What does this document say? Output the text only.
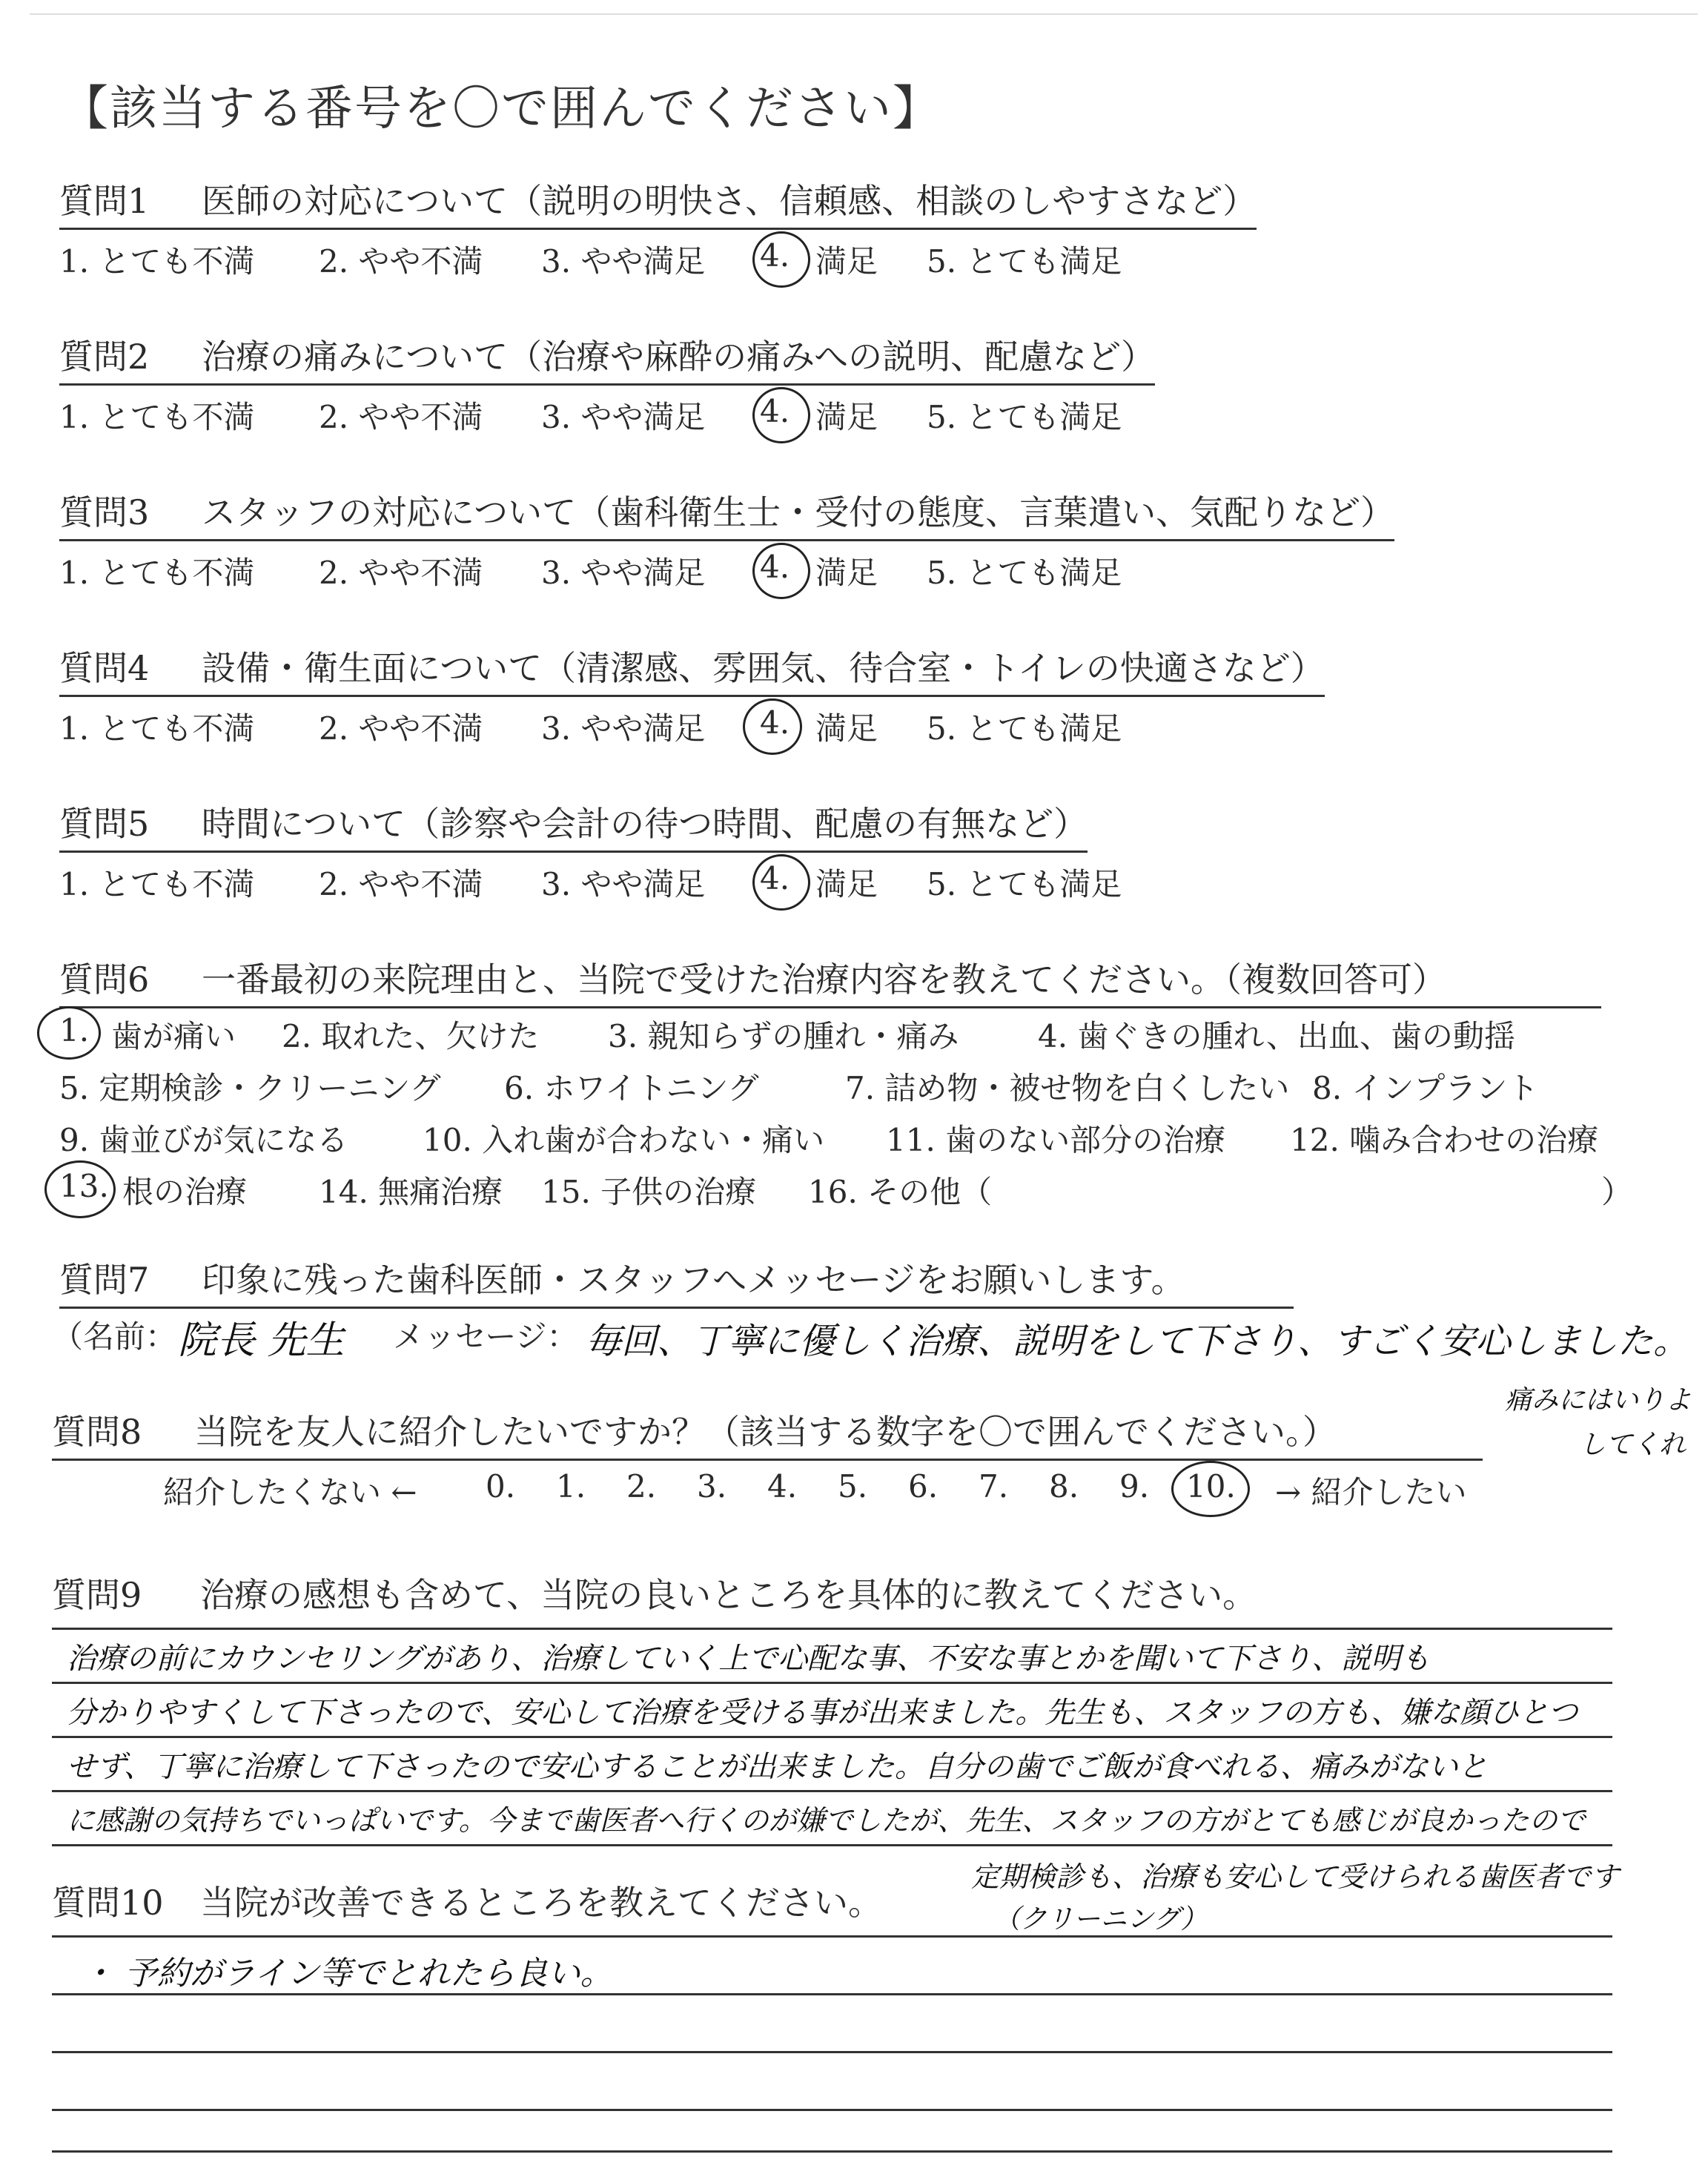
【該当する番号を〇で囲んでください】
質問1 医師の対応について（説明の明快さ、信頼感、相談のしやすさなど）
1. とても不満 2. やや不満 3. やや満足 4. 満足 5. とても満足
質問2 治療の痛みについて（治療や麻酔の痛みへの説明、配慮など）
1. とても不満 2. やや不満 3. やや満足 4. 満足 5. とても満足
質問3 スタッフの対応について（歯科衛生士・受付の態度、言葉遣い、気配りなど）
1. とても不満 2. やや不満 3. やや満足 4. 満足 5. とても満足
質問4 設備・衛生面について（清潔感、雰囲気、待合室・トイレの快適さなど）
1. とても不満 2. やや不満 3. やや満足 4. 満足 5. とても満足
質問5 時間について（診察や会計の待つ時間、配慮の有無など）
1. とても不満 2. やや不満 3. やや満足 4. 満足 5. とても満足
質問6 一番最初の来院理由と、当院で受けた治療内容を教えてください。（複数回答可）
1. 歯が痛い 2. 取れた、欠けた 3. 親知らずの腫れ・痛み	4. 歯ぐきの腫れ、出血、歯の動揺
5. 定期検診・クリーニング 6. ホワイトニング	7. 詰め物・被せ物を白くしたい 8. インプラント
9. 歯並びが気になる 10. 入れ歯が合わない・痛い 11. 歯のない部分の治療 12. 噛み合わせの治療
13. 根の治療 14. 無痛治療 15. 子供の治療 16. その他（	）
質問7 印象に残った歯科医師・スタッフへメッセージをお願いします。
（名前： 院長 先生 メッセージ： 毎回、丁寧に優しく治療、説明をして下さり、すごく安心しました。
痛みにはいりよ
してくれ
質問8 当院を友人に紹介したいですか？（該当する数字を〇で囲んでください。）
紹介したくない ← 0. 1. 2. 3. 4. 5. 6. 7. 8. 9. 10. → 紹介したい
質問9 治療の感想も含めて、当院の良いところを具体的に教えてください。
治療の前にカウンセリングがあり、治療していく上で心配な事、不安な事とかを聞いて下さり、説明も
分かりやすくして下さったので、安心して治療を受ける事が出来ました。先生も、スタッフの方も、嫌な顔ひとつ
せず、丁寧に治療して下さったので安心することが出来ました。自分の歯でご飯が食べれる、痛みがないと
に感謝の気持ちでいっぱいです。今まで歯医者へ行くのが嫌でしたが、先生、スタッフの方がとても感じが良かったので
定期検診も、治療も安心して受けられる歯医者です
（クリーニング）
質問10 当院が改善できるところを教えてください。
・ 予約がライン等でとれたら良い。
